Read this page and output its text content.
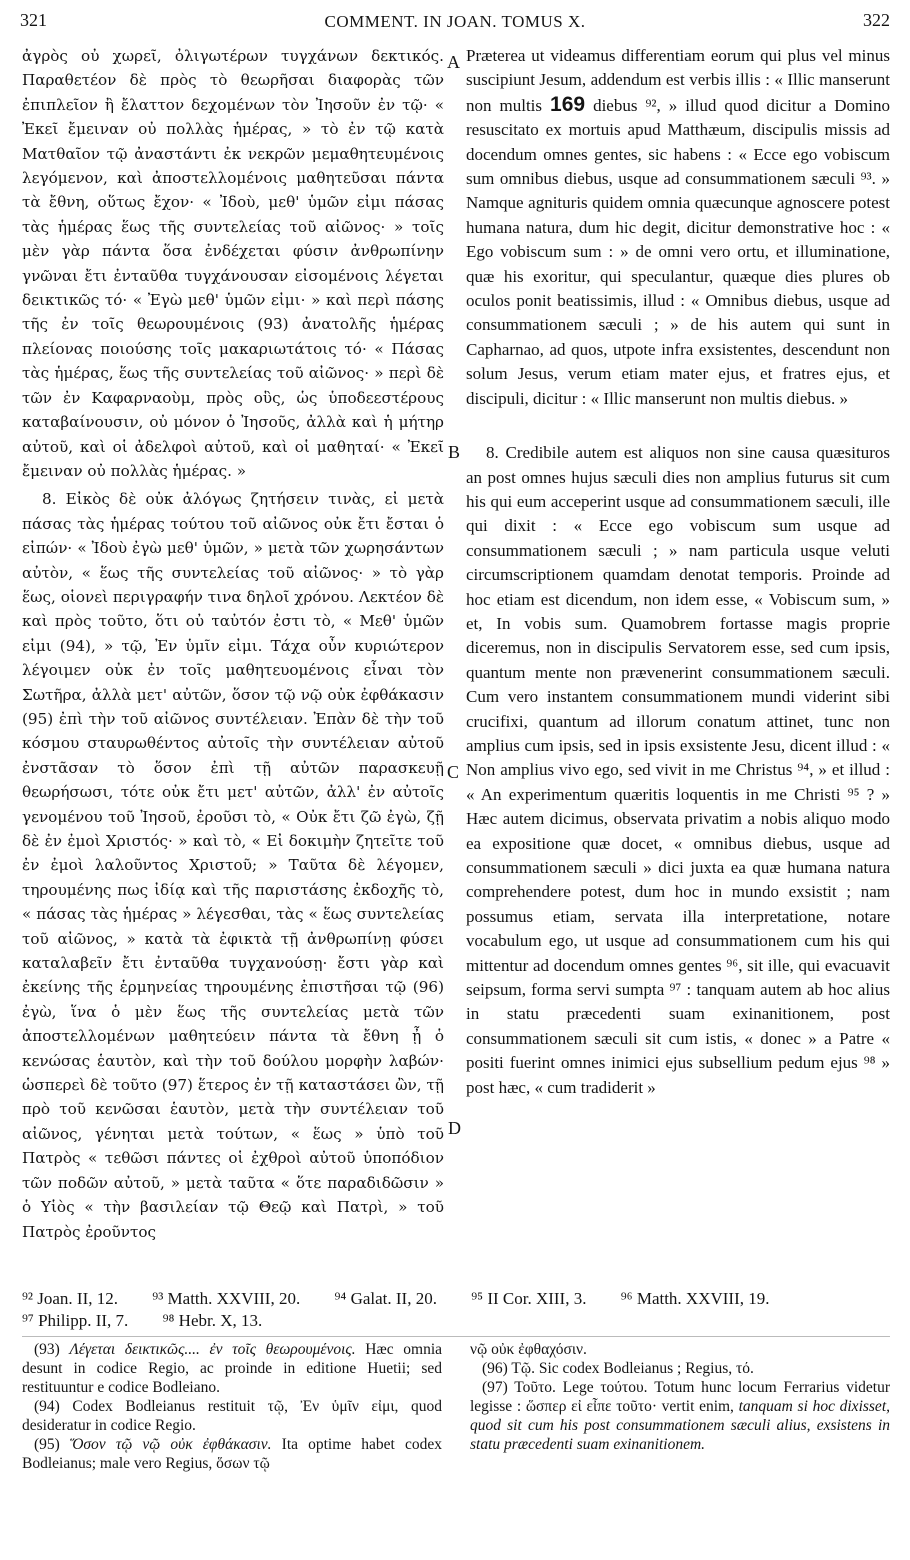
321	COMMENT. IN JOAN. TOMUS X.	322

ἀγρὸς οὐ χωρεῖ, ὀλιγωτέρων τυγχάνων δεκτικός. Παραθετέον δὲ πρὸς τὸ θεωρῆσαι διαφορὰς τῶν ἐπιπλεῖον ἢ ἔλαττον δεχομένων τὸν Ἰησοῦν ἐν τῷ· « Ἐκεῖ ἔμειναν οὐ πολλὰς ἡμέρας, » τὸ ἐν τῷ κατὰ Ματθαῖον τῷ ἀναστάντι ἐκ νεκρῶν μεμαθητευμένοις λεγόμενον, καὶ ἀποστελλομένοις μαθητεῦσαι πάντα τὰ ἔθνη, οὕτως ἔχον· « Ἰδοὺ, μεθ' ὑμῶν εἰμι πάσας τὰς ἡμέρας ἕως τῆς συντελείας τοῦ αἰῶνος· » τοῖς μὲν γὰρ πάντα ὅσα ἐνδέχεται φύσιν ἀνθρωπίνην γνῶναι ἔτι ἐνταῦθα τυγχάνουσαν εἰσομένοις λέγεται δεικτικῶς τό· « Ἐγὼ μεθ' ὑμῶν εἰμι· » καὶ περὶ πάσης τῆς ἐν τοῖς θεωρουμένοις (93) ἀνατολῆς ἡμέρας πλείονας ποιούσης τοῖς μακαριωτάτοις τό· « Πάσας τὰς ἡμέρας, ἕως τῆς συντελείας τοῦ αἰῶνος· » περὶ δὲ τῶν ἐν Καφαρναοὺμ, πρὸς οὓς, ὡς ὑποδεεστέρους καταβαίνουσιν, οὐ μόνον ὁ Ἰησοῦς, ἀλλὰ καὶ ἡ μήτηρ αὐτοῦ, καὶ οἱ ἀδελφοὶ αὐτοῦ, καὶ οἱ μαθηταί· « Ἐκεῖ ἔμειναν οὐ πολλὰς ἡμέρας. »

8. Εἰκὸς δὲ οὐκ ἀλόγως ζητήσειν τινὰς, εἰ μετὰ πάσας τὰς ἡμέρας τούτου τοῦ αἰῶνος οὐκ ἔτι ἔσται ὁ εἰπών· « Ἰδοὺ ἐγὼ μεθ' ὑμῶν, » μετὰ τῶν χωρησάντων αὐτὸν, « ἕως τῆς συντελείας τοῦ αἰῶνος· » τὸ γὰρ ἕως, οἱονεὶ περιγραφήν τινα δηλοῖ χρόνου. Λεκτέον δὲ καὶ πρὸς τοῦτο, ὅτι οὐ ταὐτόν ἐστι τὸ, « Μεθ' ὑμῶν εἰμι (94), » τῷ, Ἐν ὑμῖν εἰμι. Τάχα οὖν κυριώτερον λέγοιμεν οὐκ ἐν τοῖς μαθητευομένοις εἶναι τὸν Σωτῆρα, ἀλλὰ μετ' αὐτῶν, ὅσον τῷ νῷ οὐκ ἐφθάκασιν (95) ἐπὶ τὴν τοῦ αἰῶνος συντέλειαν. Ἐπὰν δὲ τὴν τοῦ κόσμου σταυρωθέντος αὐτοῖς τὴν συντέλειαν αὐτοῦ ἐνστᾶσαν τὸ ὅσον ἐπὶ τῇ αὐτῶν παρασκευῇ θεωρήσωσι, τότε οὐκ ἔτι μετ' αὐτῶν, ἀλλ' ἐν αὐτοῖς γενομένου τοῦ Ἰησοῦ, ἐροῦσι τὸ, « Οὐκ ἔτι ζῶ ἐγὼ, ζῇ δὲ ἐν ἐμοὶ Χριστός· » καὶ τὸ, « Εἰ δοκιμὴν ζητεῖτε τοῦ ἐν ἐμοὶ λαλοῦντος Χριστοῦ; » Ταῦτα δὲ λέγομεν, τηρουμένης πως ἰδίᾳ καὶ τῆς παριστάσης ἐκδοχῆς τὸ, « πάσας τὰς ἡμέρας » λέγεσθαι, τὰς « ἕως συντελείας τοῦ αἰῶνος, » κατὰ τὰ ἐφικτὰ τῇ ἀνθρωπίνῃ φύσει καταλαβεῖν ἔτι ἐνταῦθα τυγχανούσῃ· ἔστι γὰρ καὶ ἐκείνης τῆς ἑρμηνείας τηρουμένης ἐπιστῆσαι τῷ (96) ἐγὼ, ἵνα ὁ μὲν ἕως τῆς συντελείας μετὰ τῶν ἀποστελλομένων μαθητεύειν πάντα τὰ ἔθνη ᾖ ὁ κενώσας ἑαυτὸν, καὶ τὴν τοῦ δούλου μορφὴν λαβών· ὡσπερεὶ δὲ τοῦτο (97) ἕτερος ἐν τῇ καταστάσει ὢν, τῇ πρὸ τοῦ κενῶσαι ἑαυτὸν, μετὰ τὴν συντέλειαν τοῦ αἰῶνος, γένηται μετὰ τούτων, « ἕως » ὑπὸ τοῦ Πατρὸς « τεθῶσι πάντες οἱ ἐχθροὶ αὐτοῦ ὑποπόδιον τῶν ποδῶν αὐτοῦ, » μετὰ ταῦτα « ὅτε παραδιδῶσιν » ὁ Υἱὸς « τὴν βασιλείαν τῷ Θεῷ καὶ Πατρὶ, » τοῦ Πατρὸς ἐροῦντος

A
B
C
D

Præterea ut videamus differentiam eorum qui plus vel minus suscipiunt Jesum, addendum est verbis illis : « Illic manserunt non multis 169 diebus ⁹², » illud quod dicitur a Domino resuscitato ex mortuis apud Matthæum, discipulis missis ad docendum omnes gentes, sic habens : « Ecce ego vobiscum sum omnibus diebus, usque ad consummationem sæculi ⁹³. » Namque agnituris quidem omnia quæcunque agnoscere potest humana natura, dum hic degit, dicitur demonstrative hoc : « Ego vobiscum sum : » de omni vero ortu, et illuminatione, quæ his exoritur, qui speculantur, quæque dies plures ob oculos ponit beatissimis, illud : « Omnibus diebus, usque ad consummationem sæculi ; » de his autem qui sunt in Capharnao, ad quos, utpote infra exsistentes, descendunt non solum Jesus, verum etiam mater ejus, et fratres ejus, et discipuli, dicitur : « Illic manserunt non multis diebus. »

8. Credibile autem est aliquos non sine causa quæsituros an post omnes hujus sæculi dies non amplius futurus sit cum his qui eum acceperint usque ad consummationem sæculi, ille qui dixit : « Ecce ego vobiscum sum usque ad consummationem sæculi ; » nam particula usque veluti circumscriptionem quamdam denotat temporis. Proinde ad hoc etiam est dicendum, non idem esse, « Vobiscum sum, » et, In vobis sum. Quamobrem fortasse magis proprie diceremus, non in discipulis Servatorem esse, sed cum ipsis, quantum mente non prævenerint consummationem sæculi. Cum vero instantem consummationem mundi viderint sibi crucifixi, quantum ad illorum conatum attinet, tunc non amplius cum ipsis, sed in ipsis exsistente Jesu, dicent illud : « Non amplius vivo ego, sed vivit in me Christus ⁹⁴, » et illud : « An experimentum quæritis loquentis in me Christi ⁹⁵ ? » Hæc autem dicimus, observata privatim a nobis aliquo modo ea expositione quæ docet, « omnibus diebus, usque ad consummationem sæculi » dici juxta ea quæ humana natura comprehendere potest, dum hoc in mundo exsistit ; nam possumus etiam, servata illa interpretatione, notare vocabulum ego, ut usque ad consummationem cum his qui mittentur ad docendum omnes gentes ⁹⁶, sit ille, qui evacuavit seipsum, forma servi sumpta ⁹⁷ : tanquam autem ab hoc alius in statu præcedenti suam exinanitionem, post consummationem sæculi sit cum istis, « donec » a Patre « positi fuerint omnes inimici ejus subsellium pedum ejus ⁹⁸ » post hæc, « cum tradiderit »

⁹² Joan. II, 12. ⁹³ Matth. XXVIII, 20. ⁹⁴ Galat. II, 20. ⁹⁵ II Cor. XIII, 3. ⁹⁶ Matth. XXVIII, 19.
⁹⁷ Philipp. II, 7. ⁹⁸ Hebr. X, 13.

(93) Λέγεται δεικτικῶς.... ἐν τοῖς θεωρουμένοις. Hæc omnia desunt in codice Regio, ac proinde in editione Huetii; sed restituuntur e codice Bodleiano.

(94) Codex Bodleianus restituit τῷ, Ἐν ὑμῖν εἰμι, quod desideratur in codice Regio.

(95) Ὅσον τῷ νῷ οὐκ ἐφθάκασιν. Ita optime habet codex Bodleianus; male vero Regius, ὅσων τῷ

νῷ οὐκ ἐφθαχόσιν.

(96) Τῷ. Sic codex Bodleianus ; Regius, τό.

(97) Τοῦτο. Lege τούτου. Totum hunc locum Ferrarius videtur legisse : ὥσπερ εἰ εἶπε τοῦτο· vertit enim, tanquam si hoc dixisset, quod sit cum his post consummationem sæculi alius, exsistens in statu præcedenti suam exinanitionem.
